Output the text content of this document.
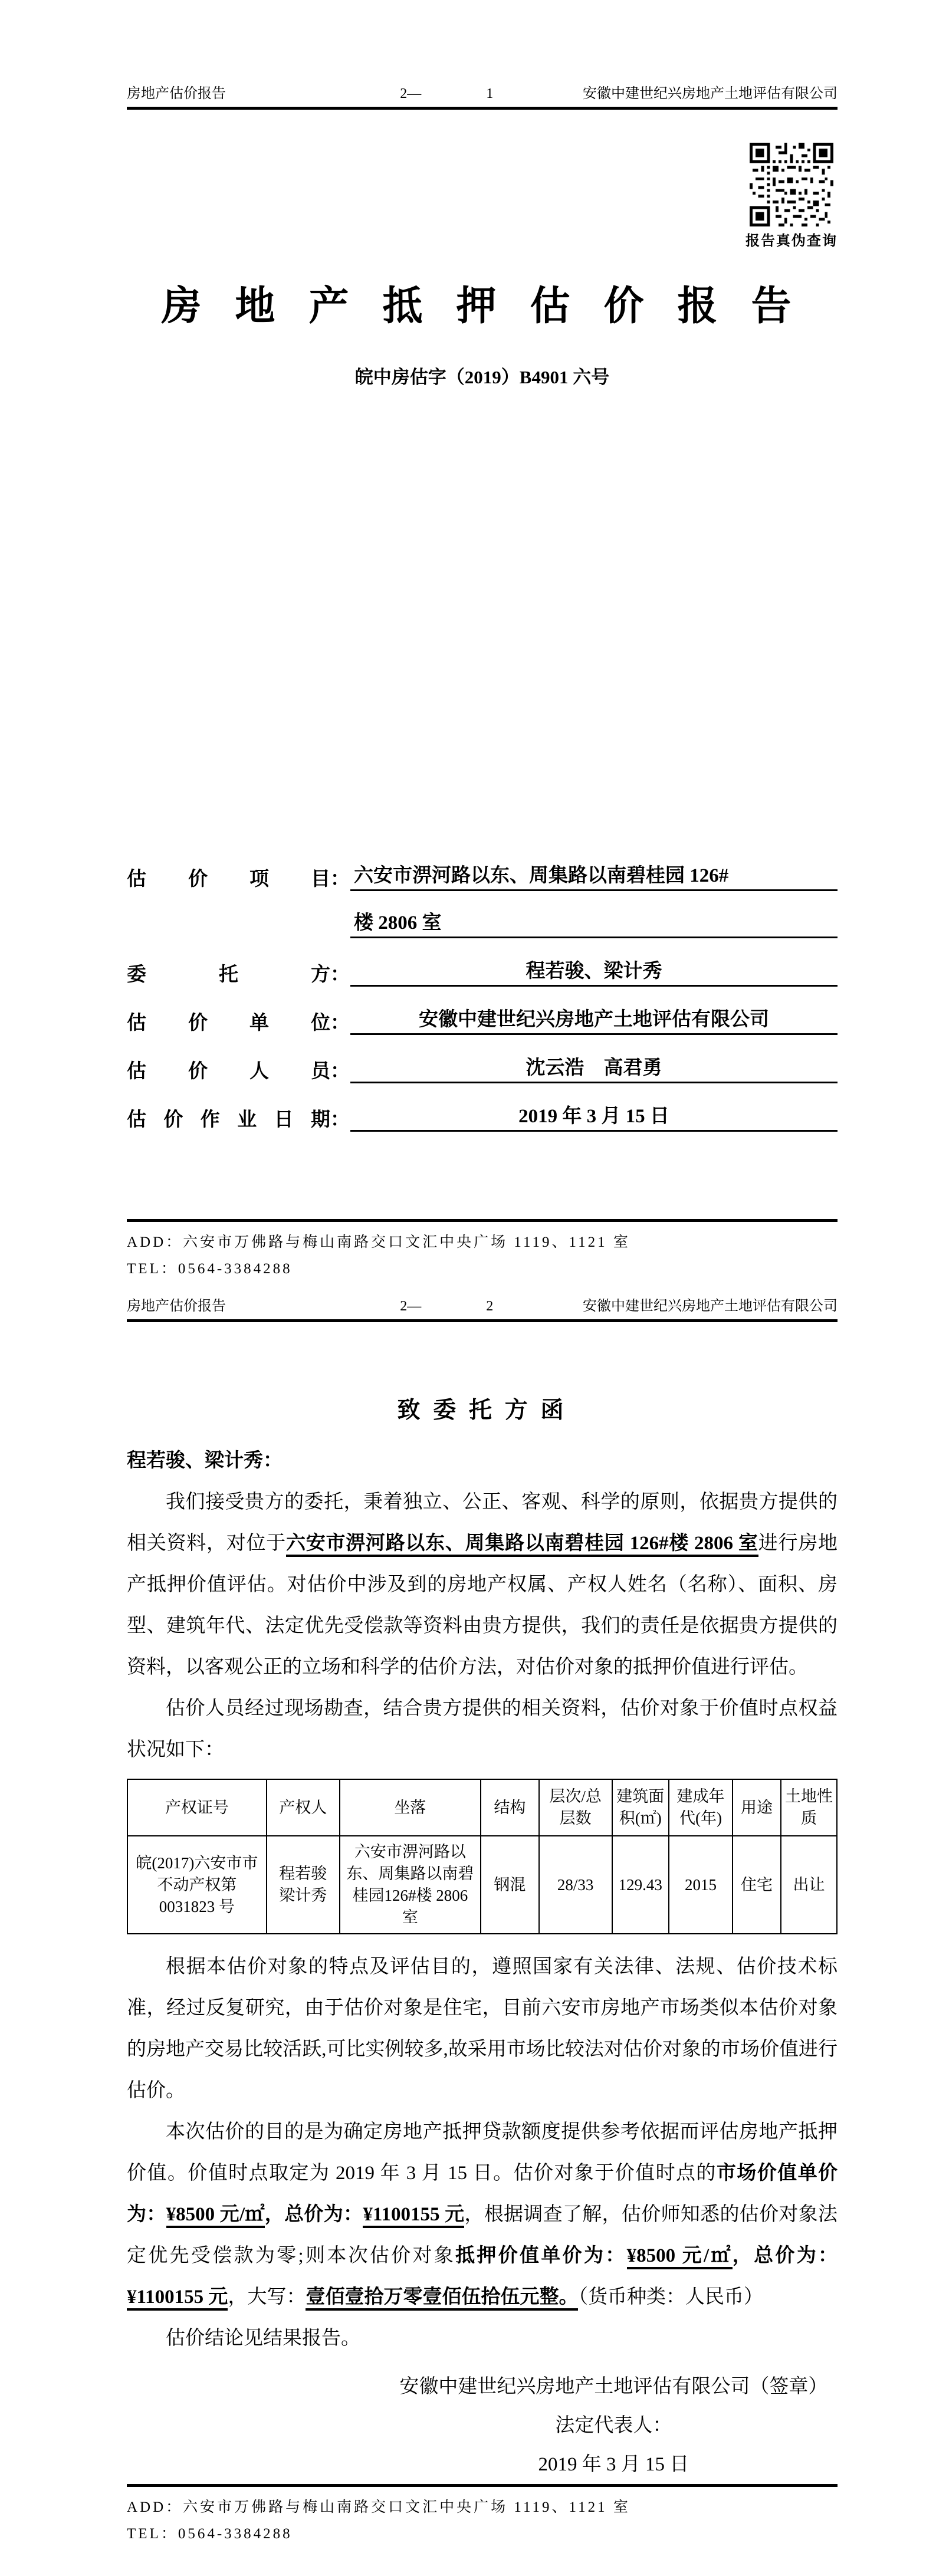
房地产估价报告	2—	1	安徽中建世纪兴房地产土地评估有限公司
报告真伪查询
房 地 产 抵 押 估 价 报 告
皖中房估字（2019）B4901 六号
估价项目 ： 六安市淠河路以东、周集路以南碧桂园 126#
楼 2806 室
委托方 ：	程若骏、梁计秀
估价单位 ：	安徽中建世纪兴房地产土地评估有限公司
估价人员 ：	沈云浩　高君勇
估价作业日期 ：	2019 年 3 月 15 日
ADD：六安市万佛路与梅山南路交口文汇中央广场 1119、1121 室
TEL：0564-3384288
房地产估价报告	2—	2	安徽中建世纪兴房地产土地评估有限公司
致 委 托 方 函
程若骏、梁计秀：

我们接受贵方的委托，秉着独立、公正、客观、科学的原则，依据贵方提供的相关资料，对位于六安市淠河路以东、周集路以南碧桂园 126#楼 2806 室进行房地产抵押价值评估。对估价中涉及到的房地产权属、产权人姓名（名称）、面积、房型、建筑年代、法定优先受偿款等资料由贵方提供，我们的责任是依据贵方提供的资料，以客观公正的立场和科学的估价方法，对估价对象的抵押价值进行评估。

估价人员经过现场勘查，结合贵方提供的相关资料，估价对象于价值时点权益状况如下：

产权证号	产权人	坐落	结构	层次/总层数	建筑面积(㎡)	建成年代(年)	用途	土地性质
皖(2017)六安市市不动产权第0031823 号	程若骏 梁计秀	六安市淠河路以东、周集路以南碧桂园126#楼 2806 室	钢混	28/33	129.43	2015	住宅	出让

根据本估价对象的特点及评估目的，遵照国家有关法律、法规、估价技术标准，经过反复研究，由于估价对象是住宅，目前六安市房地产市场类似本估价对象的房地产交易比较活跃,可比实例较多,故采用市场比较法对估价对象的市场价值进行估价。

本次估价的目的是为确定房地产抵押贷款额度提供参考依据而评估房地产抵押价值。价值时点取定为 2019 年 3 月 15 日。估价对象于价值时点的市场价值单价为：¥8500 元/㎡，总价为：¥1100155 元，根据调查了解，估价师知悉的估价对象法定优先受偿款为零;则本次估价对象抵押价值单价为：¥8500 元/㎡，总价为：¥1100155 元，大写：壹佰壹拾万零壹佰伍拾伍元整。（货币种类：人民币）

估价结论见结果报告。

安徽中建世纪兴房地产土地评估有限公司（签章）
法定代表人：
2019 年 3 月 15 日
ADD：六安市万佛路与梅山南路交口文汇中央广场 1119、1121 室
TEL：0564-3384288
